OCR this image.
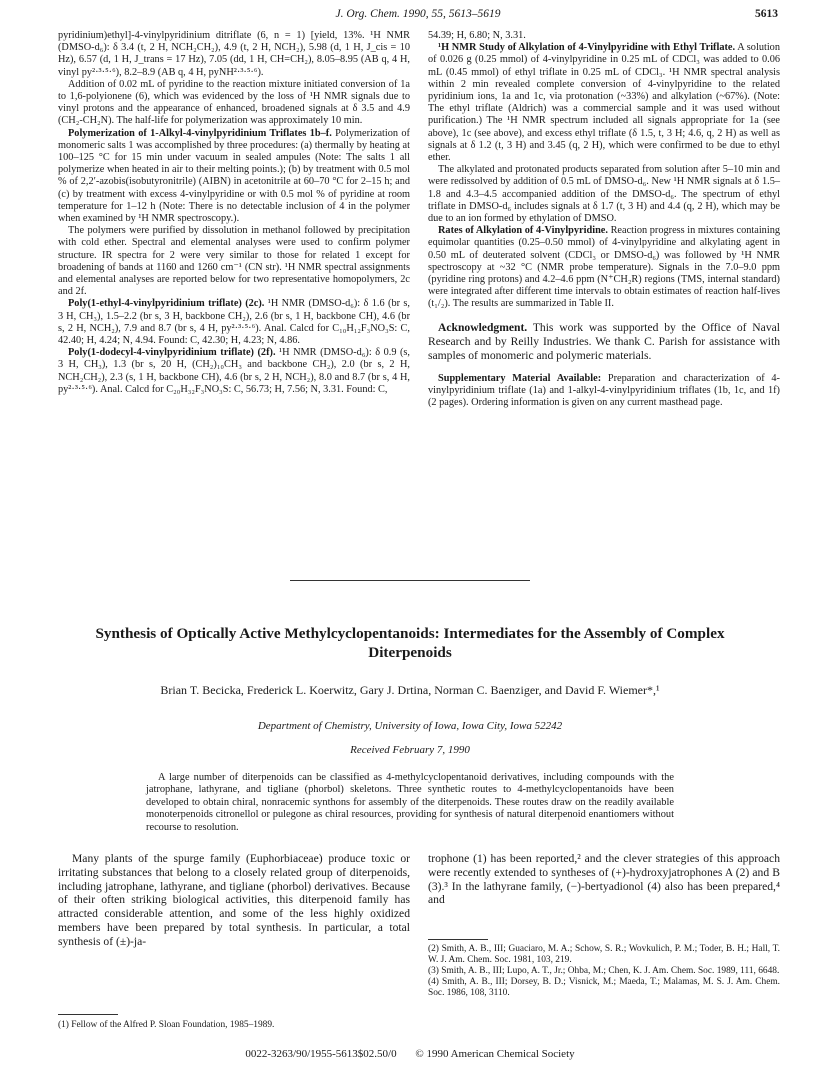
J. Org. Chem. 1990, 55, 5613–5619	5613

pyridinium)ethyl]-4-vinylpyridinium ditriflate (6, n = 1) [yield, 13%. ¹H NMR (DMSO-d₆): δ 3.4 (t, 2 H, NCH₂CH₂), 4.9 (t, 2 H, NCH₂), 5.98 (d, 1 H, J_cis = 10 Hz), 6.57 (d, 1 H, J_trans = 17 Hz), 7.05 (dd, 1 H, CH=CH₂), 8.05–8.95 (AB q, 4 H, vinyl py²·³·⁵·⁶), 8.2–8.9 (AB q, 4 H, pyNH²·³·⁵·⁶).

Addition of 0.02 mL of pyridine to the reaction mixture initiated conversion of 1a to 1,6-polyionene (6), which was evidenced by the loss of ¹H NMR signals due to vinyl protons and the appearance of enhanced, broadened signals at δ 3.5 and 4.9 (CH₂-CH₂N). The half-life for polymerization was approximately 10 min.

Polymerization of 1-Alkyl-4-vinylpyridinium Triflates 1b–f. Polymerization of monomeric salts 1 was accomplished by three procedures: (a) thermally by heating at 100–125 °C for 15 min under vacuum in sealed ampules (Note: The salts 1 all polymerize when heated in air to their melting points.); (b) by treatment with 0.5 mol % of 2,2′-azobis(isobutyronitrile) (AIBN) in acetonitrile at 60–70 °C for 2–15 h; and (c) by treatment with excess 4-vinylpyridine or with 0.5 mol % of pyridine at room temperature for 1–12 h (Note: There is no detectable inclusion of 4 in the polymer when examined by ¹H NMR spectroscopy.).

The polymers were purified by dissolution in methanol followed by precipitation with cold ether. Spectral and elemental analyses were used to confirm polymer structure. IR spectra for 2 were very similar to those for related 1 except for broadening of bands at 1160 and 1260 cm⁻¹ (CN str). ¹H NMR spectral assignments and elemental analyses are reported below for two representative homopolymers, 2c and 2f.

Poly(1-ethyl-4-vinylpyridinium triflate) (2c). ¹H NMR (DMSO-d₆): δ 1.6 (br s, 3 H, CH₃), 1.5–2.2 (br s, 3 H, backbone CH₂), 2.6 (br s, 1 H, backbone CH), 4.6 (br s, 2 H, NCH₂), 7.9 and 8.7 (br s, 4 H, py²·³·⁵·⁶). Anal. Calcd for C₁₀H₁₂F₃NO₃S: C, 42.40; H, 4.24; N, 4.94. Found: C, 42.30; H, 4.23; N, 4.86.

Poly(1-dodecyl-4-vinylpyridinium triflate) (2f). ¹H NMR (DMSO-d₆): δ 0.9 (s, 3 H, CH₃), 1.3 (br s, 20 H, (CH₂)₁₀CH₃ and backbone CH₂), 2.0 (br s, 2 H, NCH₂CH₂), 2.3 (s, 1 H, backbone CH), 4.6 (br s, 2 H, NCH₂), 8.0 and 8.7 (br s, 4 H, py²·³·⁵·⁶). Anal. Calcd for C₂₀H₃₂F₃NO₃S: C, 56.73; H, 7.56; N, 3.31. Found: C,

54.39; H, 6.80; N, 3.31.

¹H NMR Study of Alkylation of 4-Vinylpyridine with Ethyl Triflate. A solution of 0.026 g (0.25 mmol) of 4-vinylpyridine in 0.25 mL of CDCl₃ was added to 0.06 mL (0.45 mmol) of ethyl triflate in 0.25 mL of CDCl₃. ¹H NMR spectral analysis within 2 min revealed complete conversion of 4-vinylpyridine to the related pyridinium ions, 1a and 1c, via protonation (~33%) and alkylation (~67%). (Note: The ethyl triflate (Aldrich) was a commercial sample and it was used without purification.) The ¹H NMR spectrum included all signals appropriate for 1a (see above), 1c (see above), and excess ethyl triflate (δ 1.5, t, 3 H; 4.6, q, 2 H) as well as signals at δ 1.2 (t, 3 H) and 3.45 (q, 2 H), which were confirmed to be due to ethyl ether.

The alkylated and protonated products separated from solution after 5–10 min and were redissolved by addition of 0.5 mL of DMSO-d₆. New ¹H NMR signals at δ 1.5–1.8 and 4.3–4.5 accompanied addition of the DMSO-d₆. The spectrum of ethyl triflate in DMSO-d₆ includes signals at δ 1.7 (t, 3 H) and 4.4 (q, 2 H), which may be due to an ion formed by ethylation of DMSO.

Rates of Alkylation of 4-Vinylpyridine. Reaction progress in mixtures containing equimolar quantities (0.25–0.50 mmol) of 4-vinylpyridine and alkylating agent in 0.50 mL of deuterated solvent (CDCl₃ or DMSO-d₆) was followed by ¹H NMR spectroscopy at ~32 °C (NMR probe temperature). Signals in the 7.0–9.0 ppm (pyridine ring protons) and 4.2–4.6 ppm (N⁺CH₂R) regions (TMS, internal standard) were integrated after different time intervals to obtain estimates of reaction half-lives (t₁/₂). The results are summarized in Table II.

Acknowledgment. This work was supported by the Office of Naval Research and by Reilly Industries. We thank C. Parish for assistance with samples of monomeric and polymeric materials.

Supplementary Material Available: Preparation and characterization of 4-vinylpyridinium triflate (1a) and 1-alkyl-4-vinylpyridinium triflates (1b, 1c, and 1f) (2 pages). Ordering information is given on any current masthead page.

Synthesis of Optically Active Methylcyclopentanoids: Intermediates for the Assembly of Complex Diterpenoids
Brian T. Becicka, Frederick L. Koerwitz, Gary J. Drtina, Norman C. Baenziger, and David F. Wiemer*,¹
Department of Chemistry, University of Iowa, Iowa City, Iowa 52242
Received February 7, 1990
A large number of diterpenoids can be classified as 4-methylcyclopentanoid derivatives, including compounds with the jatrophane, lathyrane, and tigliane (phorbol) skeletons. Three synthetic routes to 4-methylcyclopentanoids have been developed to obtain chiral, nonracemic synthons for assembly of the diterpenoids. These routes draw on the readily available monoterpenoids citronellol or pulegone as chiral resources, providing for synthesis of natural diterpenoid enantiomers without recourse to resolution.

Many plants of the spurge family (Euphorbiaceae) produce toxic or irritating substances that belong to a closely related group of diterpenoids, including jatrophane, lathyrane, and tigliane (phorbol) derivatives. Because of their often striking biological activities, this diterpenoid family has attracted considerable attention, and some of the less highly oxidized members have been prepared by total synthesis. In particular, a total synthesis of (±)-ja-

trophone (1) has been reported,² and the clever strategies of this approach were recently extended to syntheses of (+)-hydroxyjatrophones A (2) and B (3).³ In the lathyrane family, (−)-bertyadionol (4) also has been prepared,⁴ and

(2) Smith, A. B., III; Guaciaro, M. A.; Schow, S. R.; Wovkulich, P. M.; Toder, B. H.; Hall, T. W. J. Am. Chem. Soc. 1981, 103, 219.
(3) Smith, A. B., III; Lupo, A. T., Jr.; Ohba, M.; Chen, K. J. Am. Chem. Soc. 1989, 111, 6648.
(4) Smith, A. B., III; Dorsey, B. D.; Visnick, M.; Maeda, T.; Malamas, M. S. J. Am. Chem. Soc. 1986, 108, 3110.
(1) Fellow of the Alfred P. Sloan Foundation, 1985–1989.
0022-3263/90/1955-5613$02.50/0 © 1990 American Chemical Society
